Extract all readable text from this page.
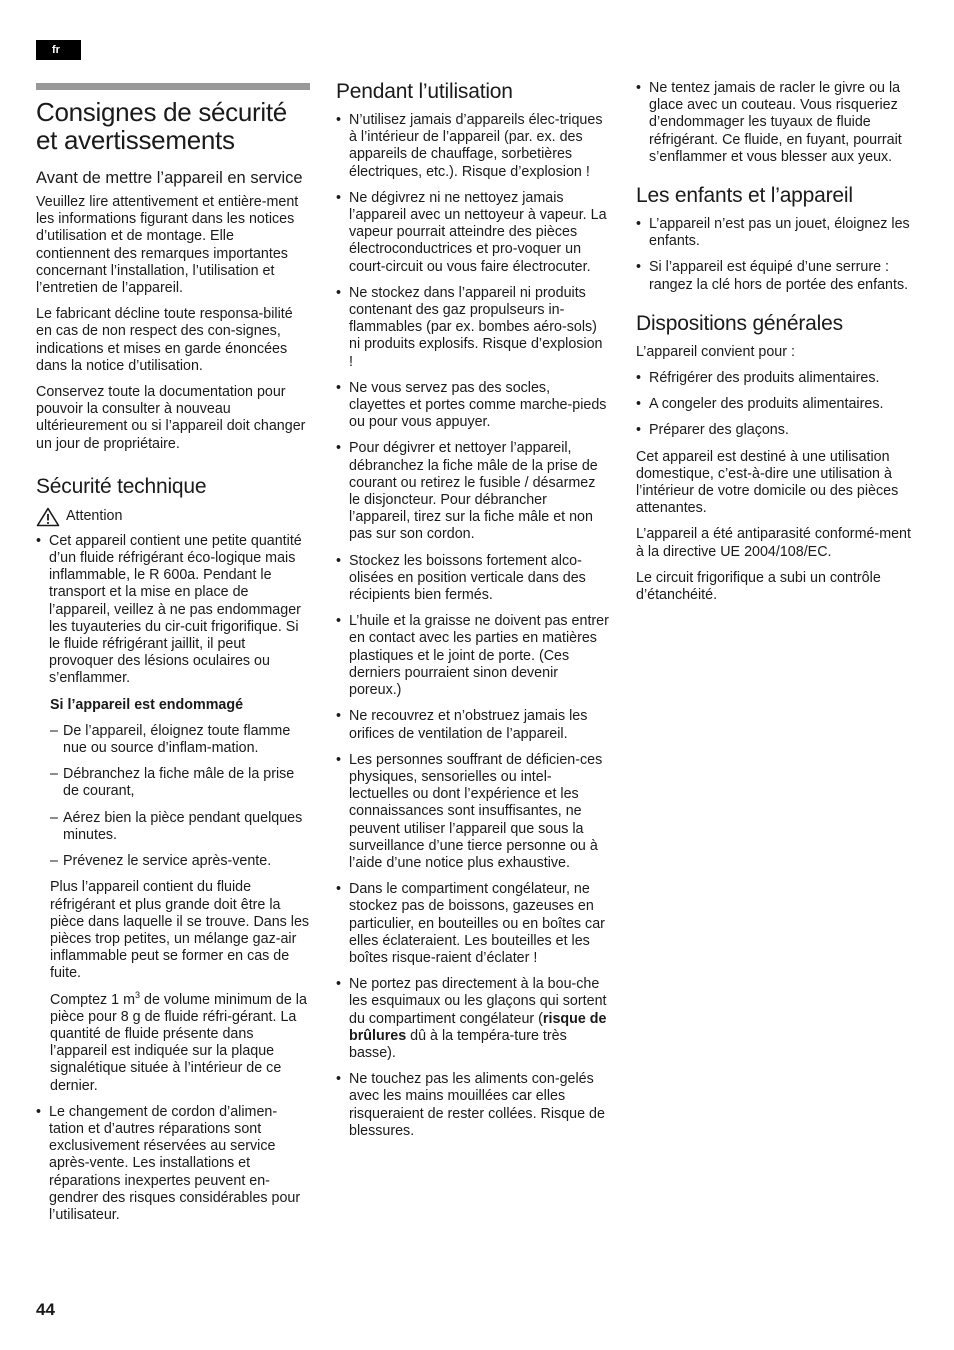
fr
Consignes de sécurité et avertissements
Avant de mettre l’appareil en service

Veuillez lire attentivement et entière-ment les informations figurant dans les notices d’utilisation et de montage. Elle contiennent des remarques importantes concernant l’installation, l’utilisation et l’entretien de l’appareil.

Le fabricant décline toute responsa-bilité en cas de non respect des con-signes, indications et mises en garde énoncées dans la notice d’utilisation.

Conservez toute la documentation pour pouvoir la consulter à nouveau ultérieurement ou si l’appareil doit changer un jour de propriétaire.

Sécurité technique
Attention
• Cet appareil contient une petite quantité d’un fluide réfrigérant éco-logique mais inflammable, le R 600a. Pendant le transport et la mise en place de l’appareil, veillez à ne pas endommager les tuyauteries du cir-cuit frigorifique. Si le fluide réfrigérant jaillit, il peut provoquer des lésions oculaires ou s’enflammer.

Si l’appareil est endommagé

– De l’appareil, éloignez toute flamme nue ou source d’inflam-mation.
– Débranchez la fiche mâle de la prise de courant,
– Aérez bien la pièce pendant quelques minutes.
– Prévenez le service après-vente.

Plus l’appareil contient du fluide réfrigérant et plus grande doit être la pièce dans laquelle il se trouve. Dans les pièces trop petites, un mélange gaz-air inflammable peut se former en cas de fuite.

Comptez 1 $m^3$ de volume minimum de la pièce pour 8 g de fluide réfri-gérant. La quantité de fluide présente dans l’appareil est indiquée sur la plaque signalétique située à l’intérieur de ce dernier.

• Le changement de cordon d’alimen-tation et d’autres réparations sont exclusivement réservées au service après-vente. Les installations et réparations inexpertes peuvent en-gendrer des risques considérables pour l’utilisateur.
Pendant l’utilisation
• N’utilisez jamais d’appareils élec-triques à l’intérieur de l’appareil (par. ex. des appareils de chauffage, sorbetières électriques, etc.). Risque d’explosion !
• Ne dégivrez ni ne nettoyez jamais l’appareil avec un nettoyeur à vapeur. La vapeur pourrait atteindre des pièces électroconductrices et pro-voquer un court-circuit ou vous faire électrocuter.
• Ne stockez dans l’appareil ni produits contenant des gaz propulseurs in-flammables (par ex. bombes aéro-sols) ni produits explosifs. Risque d’explosion !
• Ne vous servez pas des socles, clayettes et portes comme marche-pieds ou pour vous appuyer.
• Pour dégivrer et nettoyer l’appareil, débranchez la fiche mâle de la prise de courant ou retirez le fusible / désarmez le disjoncteur. Pour débrancher l’appareil, tirez sur la fiche mâle et non pas sur son cordon.
• Stockez les boissons fortement alco-olisées en position verticale dans des récipients bien fermés.
• L’huile et la graisse ne doivent pas entrer en contact avec les parties en matières plastiques et le joint de porte. (Ces derniers pourraient sinon devenir poreux.)
• Ne recouvrez et n’obstruez jamais les orifices de ventilation de l’appareil.
• Les personnes souffrant de déficien-ces physiques, sensorielles ou intel-lectuelles ou dont l’expérience et les connaissances sont insuffisantes, ne peuvent utiliser l’appareil que sous la surveillance d’une tierce personne ou à l’aide d’une notice plus exhaustive.
• Dans le compartiment congélateur, ne stockez pas de boissons, gazeuses en particulier, en bouteilles ou en boîtes car elles éclateraient. Les bouteilles et les boîtes risque-raient d’éclater !
• Ne portez pas directement à la bou-che les esquimaux ou les glaçons qui sortent du compartiment congélateur (risque de brûlures dû à la tempéra-ture très basse).
• Ne touchez pas les aliments con-gelés avec les mains mouillées car elles risqueraient de rester collées. Risque de blessures.
• Ne tentez jamais de racler le givre ou la glace avec un couteau. Vous risqueriez d’endommager les tuyaux de fluide réfrigérant. Ce fluide, en fuyant, pourrait s’enflammer et vous blesser aux yeux.
Les enfants et l’appareil
• L’appareil n’est pas un jouet, éloignez les enfants.
• Si l’appareil est équipé d’une serrure : rangez la clé hors de portée des enfants.
Dispositions générales

L’appareil convient pour :

• Réfrigérer des produits alimentaires.
• A congeler des produits alimentaires.
• Préparer des glaçons.

Cet appareil est destiné à une utilisation domestique, c’est-à-dire une utilisation à l’intérieur de votre domicile ou des pièces attenantes.

L’appareil a été antiparasité conformé-ment à la directive UE 2004/108/EC.

Le circuit frigorifique a subi un contrôle d’étanchéité.

44
